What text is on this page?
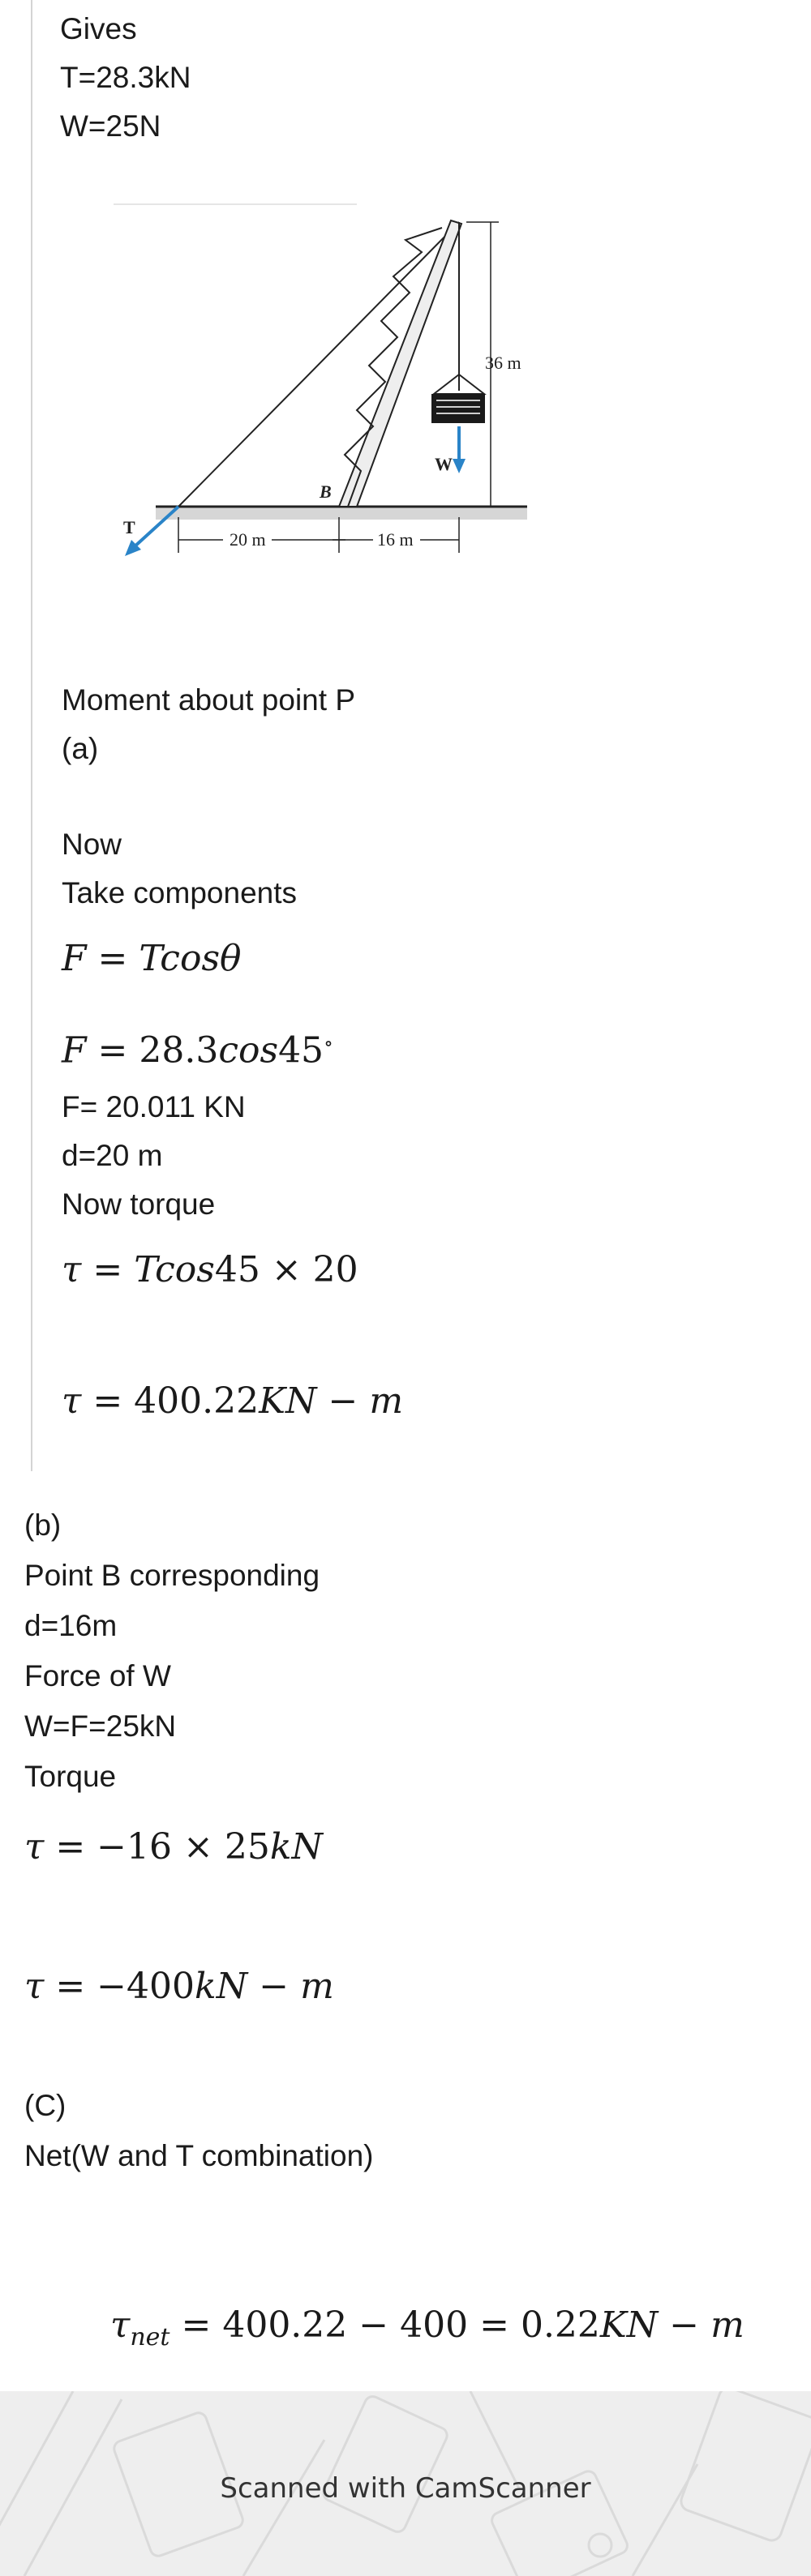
Gives
T=28.3kN
W=25N
36 m
20 m	16 m
T
B
W
Moment about point P
(a)
Now
Take components
F = Tcosθ
F = 28.3cos45∘
F= 20.011 KN
d=20 m
Now torque
τ = Tcos45 × 20
τ = 400.22KN − m
(b)
Point B corresponding
d=16m
Force of W
W=F=25kN
Torque
τ = −16 × 25kN
τ = −400kN − m
(C)
Net(W and T combination)
$\tau_{net} = 400.22 - 400 = 0.22KN - m$
Scanned with CamScanner
